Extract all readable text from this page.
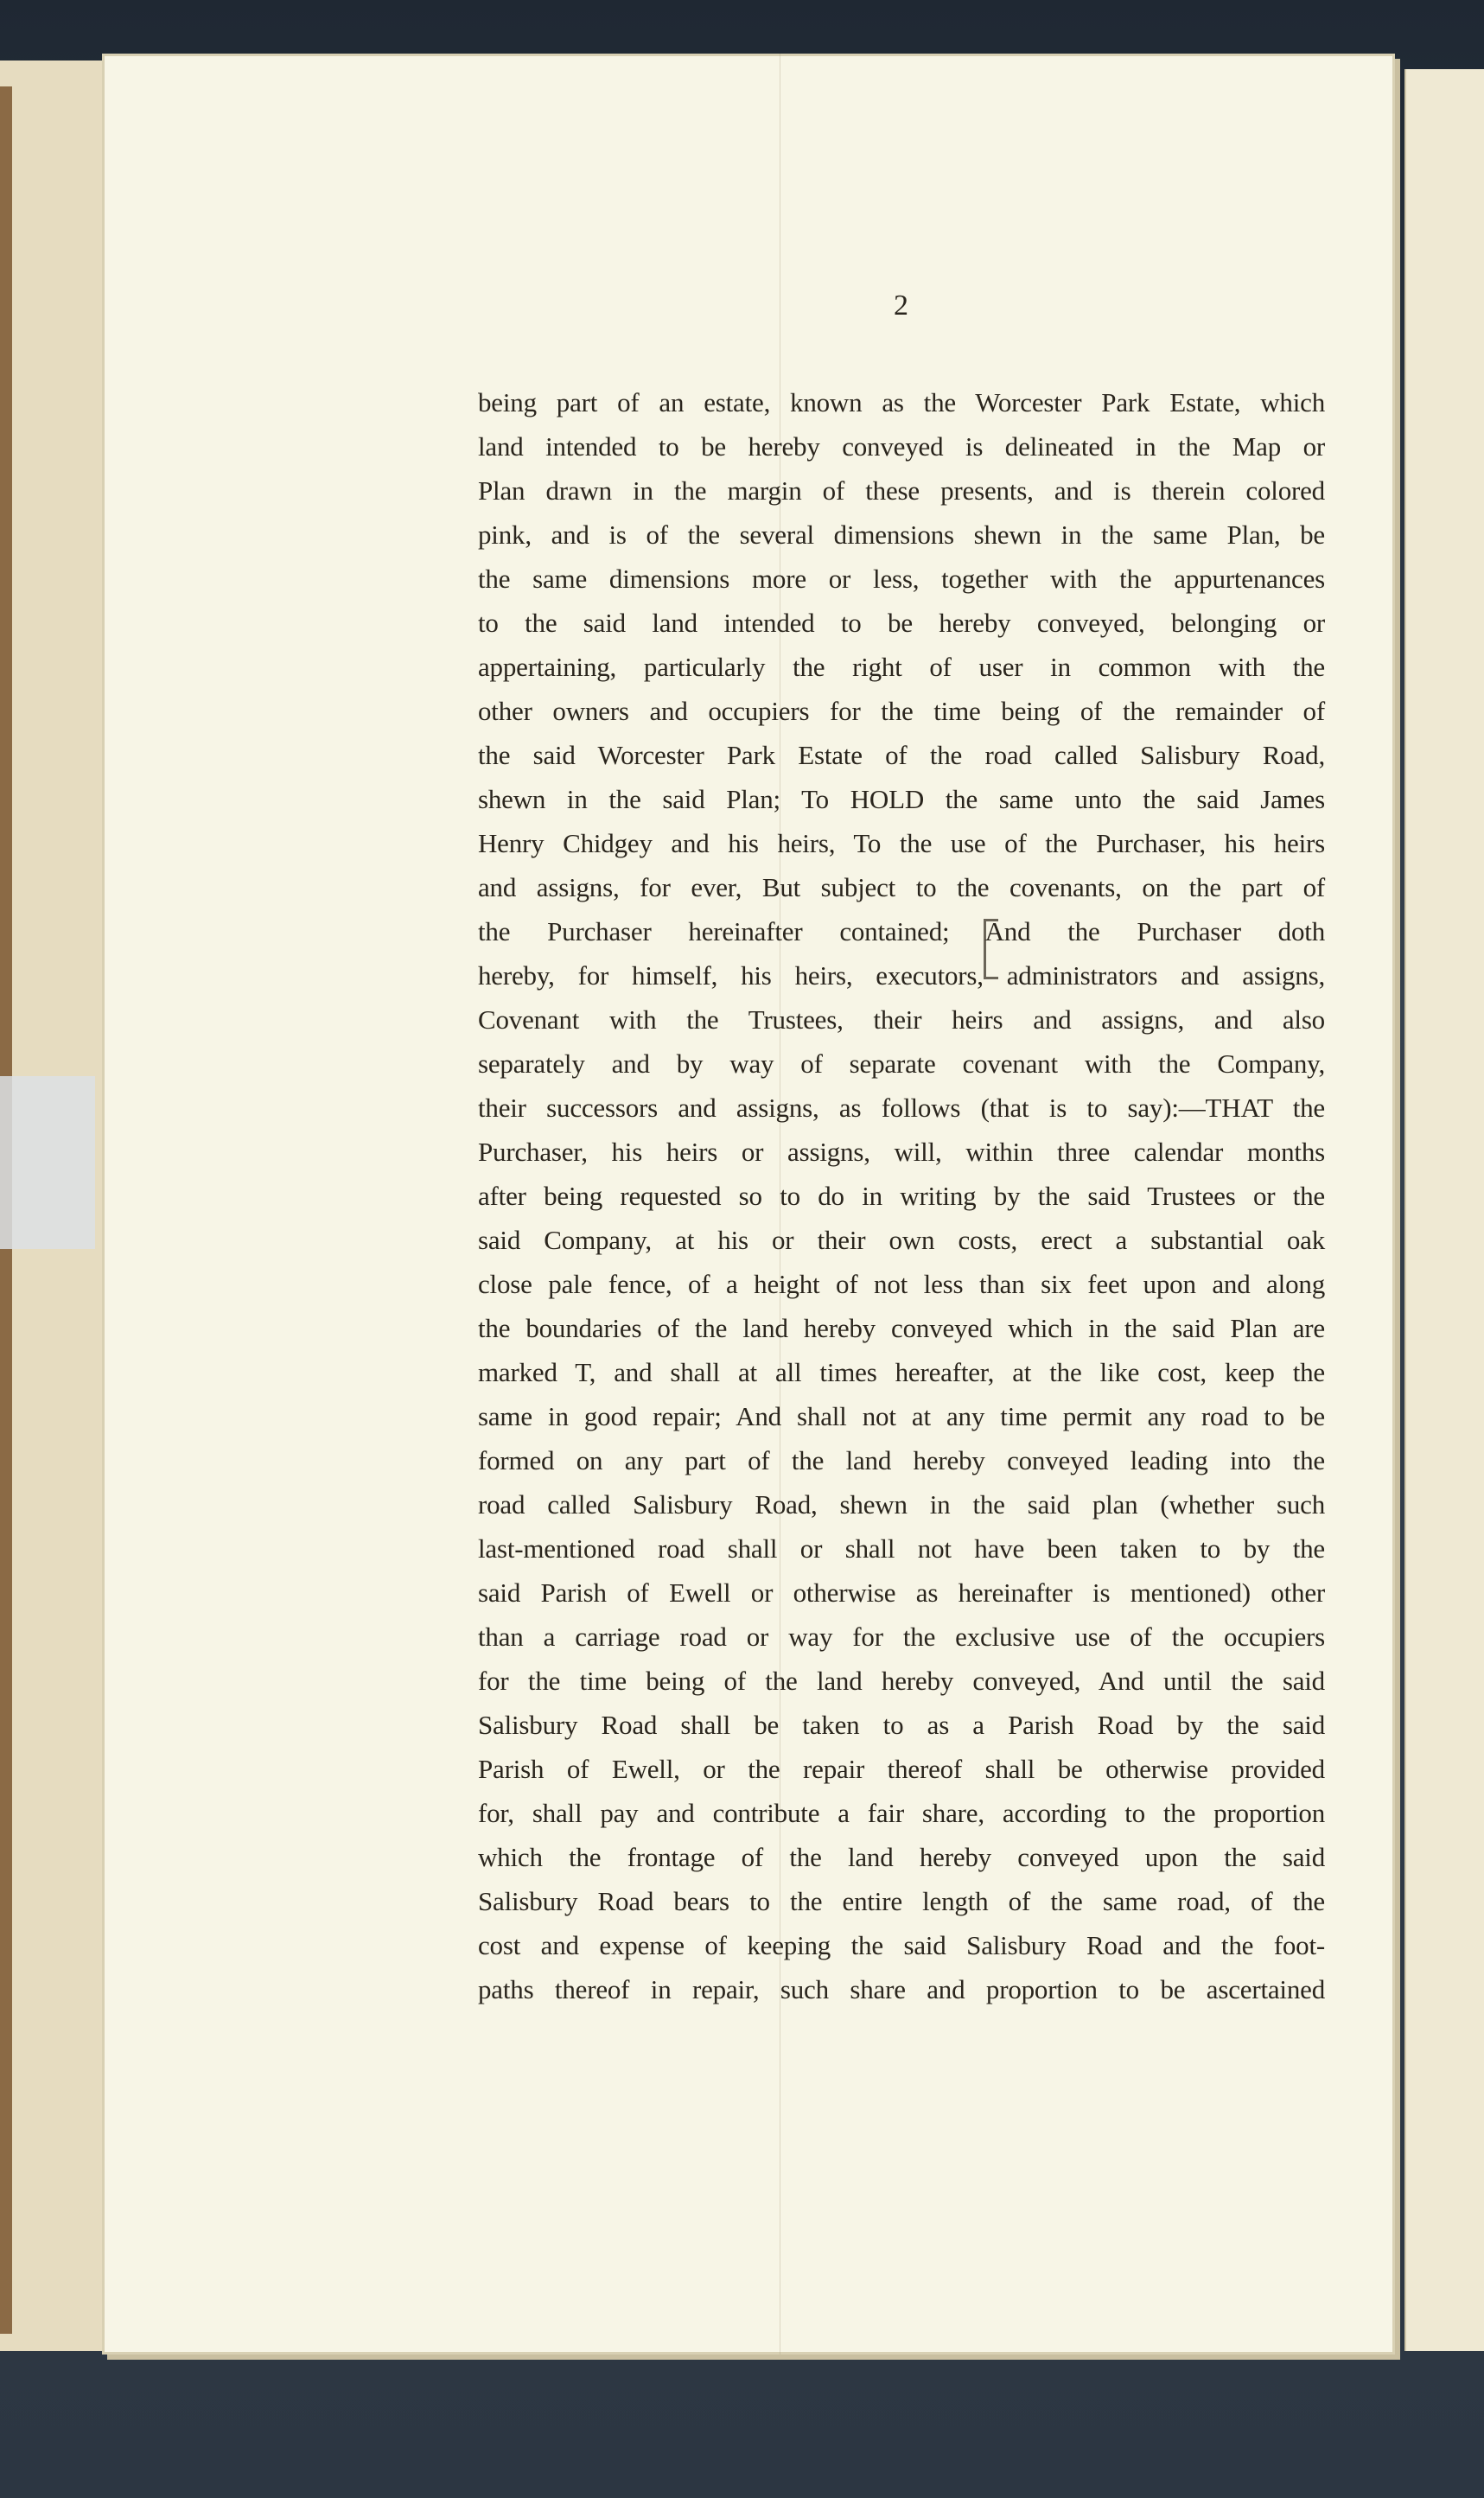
2
being part of an estate, known as the Worcester Park Estate, which
land intended to be hereby conveyed is delineated in the Map or
Plan drawn in the margin of these presents, and is therein colored
pink, and is of the several dimensions shewn in the same Plan, be
the same dimensions more or less, together with the appurtenances
to the said land intended to be hereby conveyed, belonging or
appertaining, particularly the right of user in common with the
other owners and occupiers for the time being of the remainder of
the said Worcester Park Estate of the road called Salisbury Road,
shewn in the said Plan; To HOLD the same unto the said James
Henry Chidgey and his heirs, To the use of the Purchaser, his heirs
and assigns, for ever, But subject to the covenants, on the part of
the Purchaser hereinafter contained; And the Purchaser doth
hereby, for himself, his heirs, executors, administrators and assigns,
Covenant with the Trustees, their heirs and assigns, and also
separately and by way of separate covenant with the Company,
their successors and assigns, as follows (that is to say):—THAT the
Purchaser, his heirs or assigns, will, within three calendar months
after being requested so to do in writing by the said Trustees or the
said Company, at his or their own costs, erect a substantial oak
close pale fence, of a height of not less than six feet upon and along
the boundaries of the land hereby conveyed which in the said Plan are
marked T, and shall at all times hereafter, at the like cost, keep the
same in good repair; And shall not at any time permit any road to be
formed on any part of the land hereby conveyed leading into the
road called Salisbury Road, shewn in the said plan (whether such
last-mentioned road shall or shall not have been taken to by the
said Parish of Ewell or otherwise as hereinafter is mentioned) other
than a carriage road or way for the exclusive use of the occupiers
for the time being of the land hereby conveyed, And until the said
Salisbury Road shall be taken to as a Parish Road by the said
Parish of Ewell, or the repair thereof shall be otherwise provided
for, shall pay and contribute a fair share, according to the proportion
which the frontage of the land hereby conveyed upon the said
Salisbury Road bears to the entire length of the same road, of the
cost and expense of keeping the said Salisbury Road and the foot-
paths thereof in repair, such share and proportion to be ascertained
